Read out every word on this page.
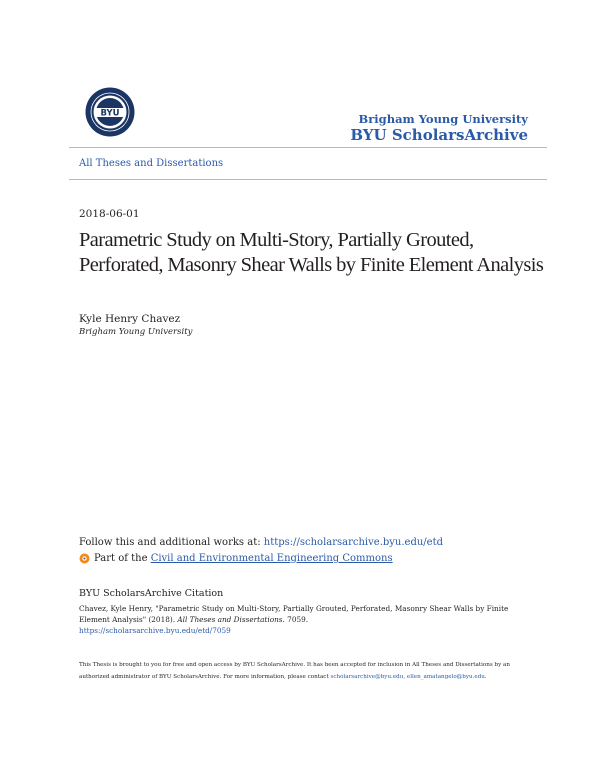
BYU	Brigham Young University
BYU ScholarsArchive
All Theses and Dissertations
2018-06-01
Parametric Study on Multi-Story, Partially Grouted, Perforated, Masonry Shear Walls by Finite Element Analysis
Kyle Henry Chavez
Brigham Young University
Follow this and additional works at: https://scholarsarchive.byu.edu/etd
Part of the Civil and Environmental Engineering Commons
BYU ScholarsArchive Citation
Chavez, Kyle Henry, "Parametric Study on Multi-Story, Partially Grouted, Perforated, Masonry Shear Walls by Finite Element Analysis" (2018). All Theses and Dissertations. 7059.
https://scholarsarchive.byu.edu/etd/7059
This Thesis is brought to you for free and open access by BYU ScholarsArchive. It has been accepted for inclusion in All Theses and Dissertations by an authorized administrator of BYU ScholarsArchive. For more information, please contact scholarsarchive@byu.edu, ellen_amatangelo@byu.edu.
